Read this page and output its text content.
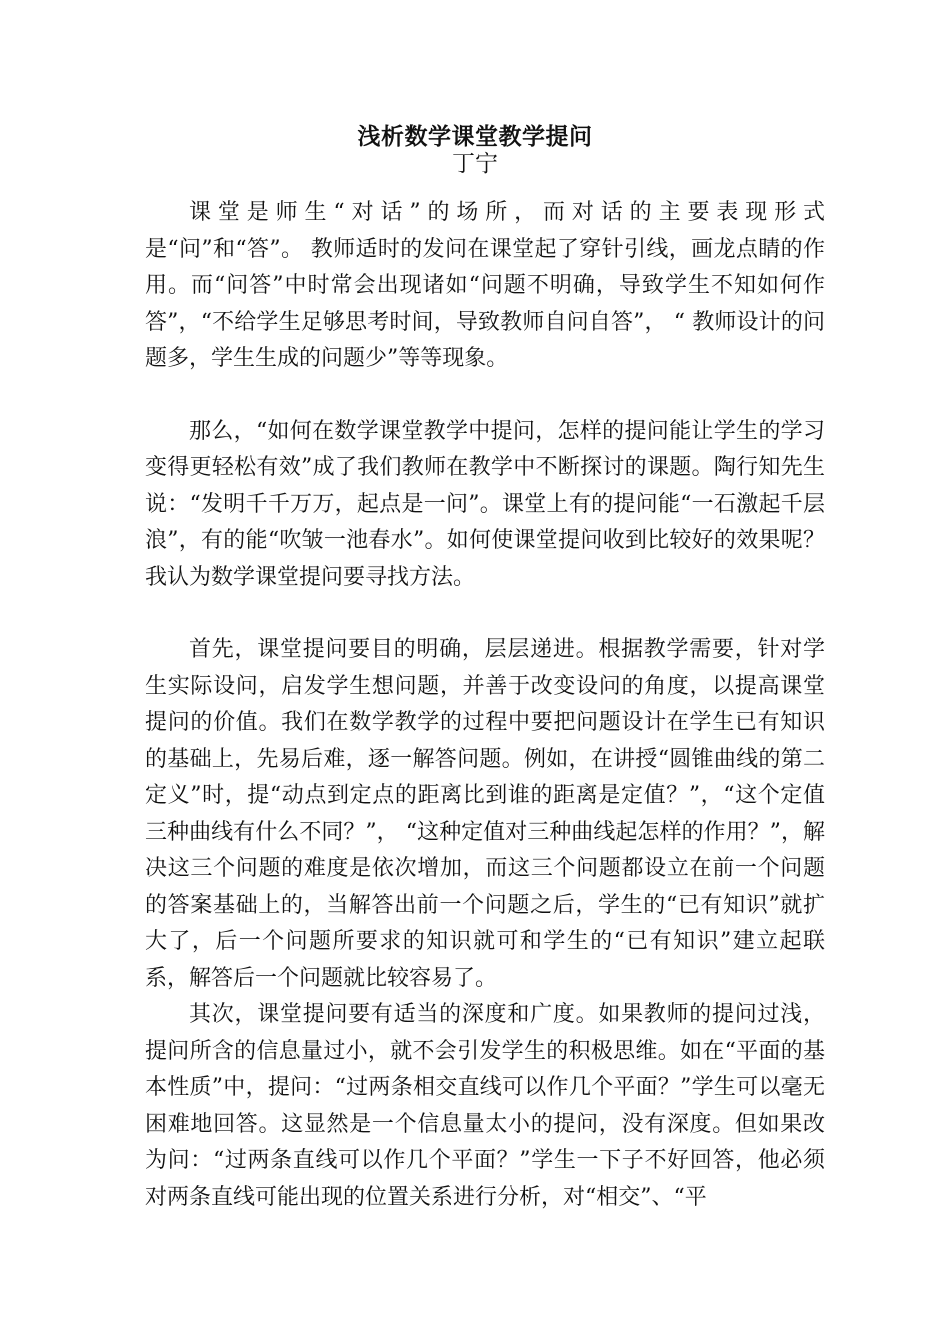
浅析数学课堂教学提问
丁宁

课堂是师生“对话”的场所，而对话的主要表现形式是“问”和“答”。 教师适时的发问在课堂起了穿针引线，画龙点睛的作用。而“问答”中时常会出现诸如“问题不明确，导致学生不知如何作答”，“不给学生足够思考时间，导致教师自问自答”， “ 教师设计的问题多，学生生成的问题少”等等现象。

那么，“如何在数学课堂教学中提问，怎样的提问能让学生的学习变得更轻松有效”成了我们教师在教学中不断探讨的课题。陶行知先生说：“发明千千万万，起点是一问”。课堂上有的提问能“一石激起千层浪”，有的能“吹皱一池春水”。如何使课堂提问收到比较好的效果呢？我认为数学课堂提问要寻找方法。

首先，课堂提问要目的明确，层层递进。根据教学需要，针对学生实际设问，启发学生想问题，并善于改变设问的角度，以提高课堂提问的价值。我们在数学教学的过程中要把问题设计在学生已有知识的基础上，先易后难，逐一解答问题。例如，在讲授“圆锥曲线的第二定义”时，提“动点到定点的距离比到谁的距离是定值？”，“这个定值三种曲线有什么不同？”， “这种定值对三种曲线起怎样的作用？”，解决这三个问题的难度是依次增加，而这三个问题都设立在前一个问题的答案基础上的，当解答出前一个问题之后，学生的“已有知识”就扩大了，后一个问题所要求的知识就可和学生的“已有知识”建立起联系，解答后一个问题就比较容易了。

其次，课堂提问要有适当的深度和广度。如果教师的提问过浅，提问所含的信息量过小，就不会引发学生的积极思维。如在“平面的基本性质”中，提问：“过两条相交直线可以作几个平面？”学生可以毫无困难地回答。这显然是一个信息量太小的提问，没有深度。但如果改为问：“过两条直线可以作几个平面？”学生一下子不好回答，他必须对两条直线可能出现的位置关系进行分析，对“相交”、“平
